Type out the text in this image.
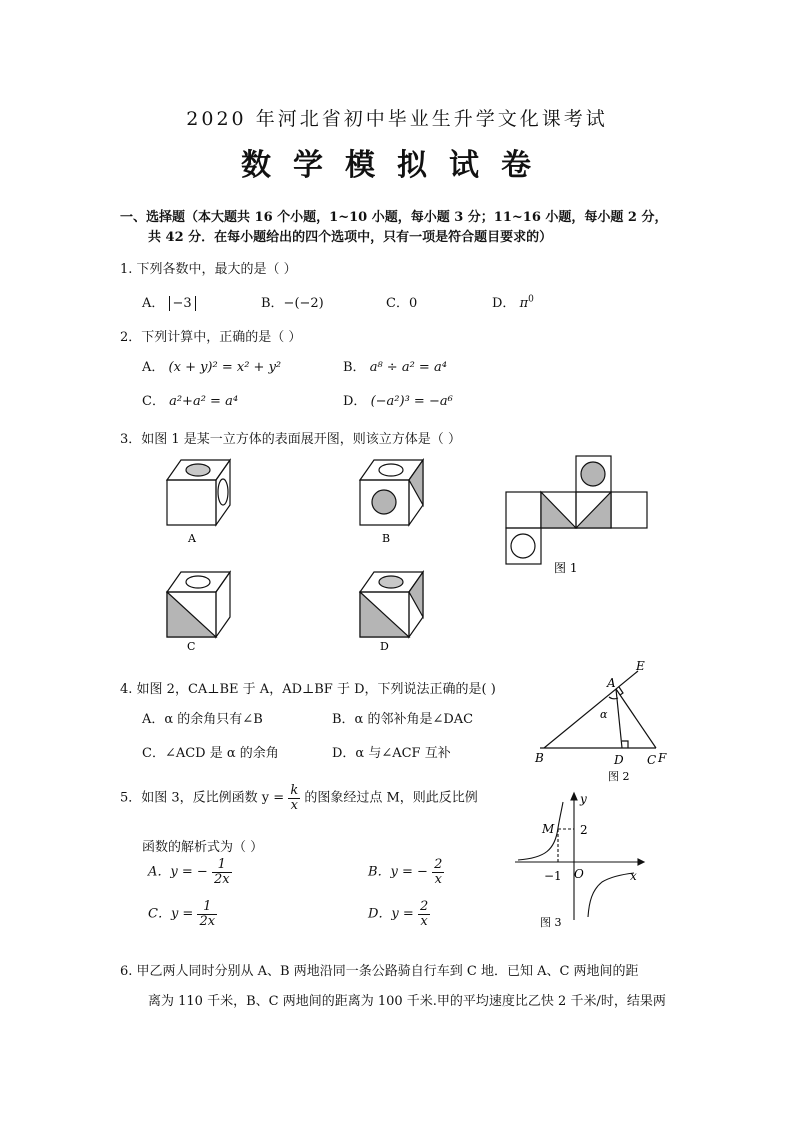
2020 年河北省初中毕业生升学文化课考试
数学模拟试卷
一、选择题（本大题共 16 个小题，1~10 小题，每小题 3 分；11~16 小题，每小题 2 分，
共 42 分．在每小题给出的四个选项中，只有一项是符合题目要求的）
1. 下列各数中，最大的是（ ）
A． −3	B．−(−2)	C．0	D． $\pi^0$
2．下列计算中，正确的是（ ）
A． (x + y)² = x² + y²	B． a⁸ ÷ a² = a⁴
C． a²+a² = a⁴	D． (−a²)³ = −a⁶
3．如图 1 是某一立方体的表面展开图，则该立方体是（ ）
A	B
C	D
图 1
4. 如图 2，CA⊥BE 于 A，AD⊥BF 于 D，下列说法正确的是( )
A．α 的余角只有∠B	B．α 的邻补角是∠DAC
C．∠ACD 是 α 的余角	D．α 与∠ACF 互补
E
A
α
B	D C F
图 2
5．如图 3，反比例函数 $y = \frac{k}{x}$ 的图象经过点 M，则此反比例
函数的解析式为（ ）
A．y = − $\frac{1}{2x}$	B．y = − $\frac{2}{x}$
C．$y = \frac{1}{2x}$	D．$y = \frac{2}{x}$
y
M 2
−1 O	x
图 3
6. 甲乙两人同时分别从 A、B 两地沿同一条公路骑自行车到 C 地．已知 A、C 两地间的距
离为 110 千米，B、C 两地间的距离为 100 千米.甲的平均速度比乙快 2 千米/时，结果两
